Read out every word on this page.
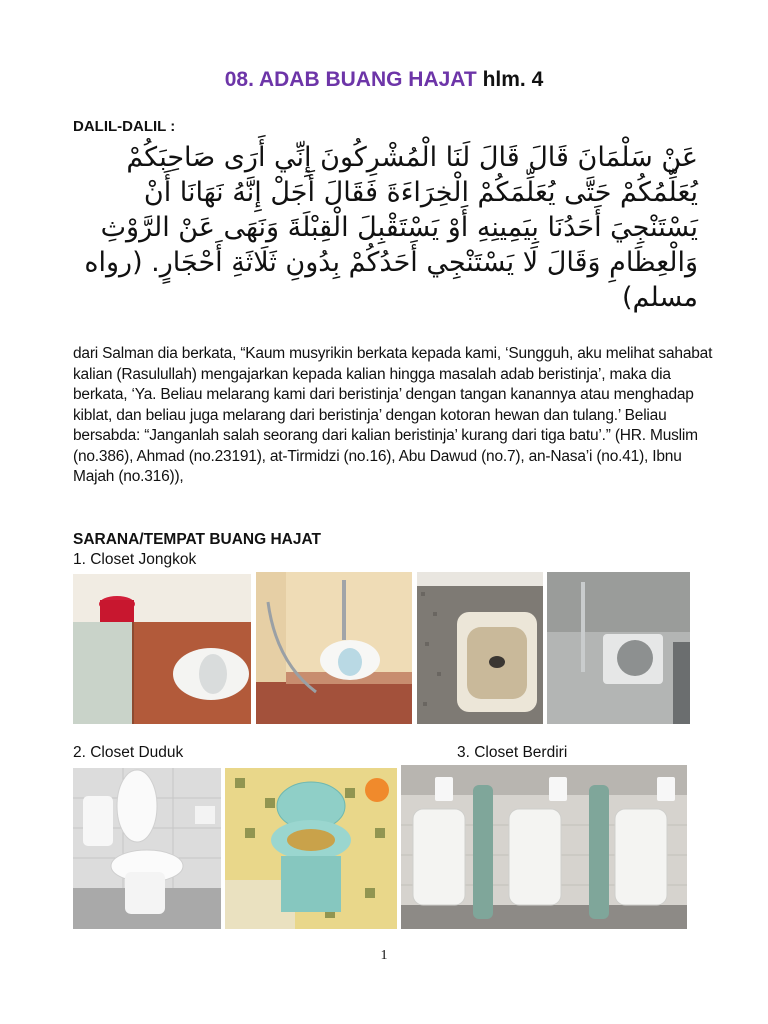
08. ADAB BUANG HAJAT hlm. 4
DALIL-DALIL :
عَنْ سَلْمَانَ قَالَ قَالَ لَنَا الْمُشْرِكُونَ إِنِّي أَرَى صَاحِبَكُمْ يُعَلِّمُكُمْ حَتَّى يُعَلِّمَكُمْ الْخِرَاءَةَ فَقَالَ أَجَلْ إِنَّهُ نَهَانَا أَنْ يَسْتَنْجِيَ أَحَدُنَا بِيَمِينِهِ أَوْ يَسْتَقْبِلَ الْقِبْلَةَ وَنَهَى عَنْ الرَّوْثِ وَالْعِظَامِ وَقَالَ لَا يَسْتَنْجِي أَحَدُكُمْ بِدُونِ ثَلَاثَةِ أَحْجَارٍ. (رواه مسلم)
dari Salman dia berkata, “Kaum musyrikin berkata kepada kami, ‘Sungguh, aku melihat sahabat kalian (Rasulullah) mengajarkan kepada kalian hingga masalah adab beristinja’, maka dia berkata, ‘Ya. Beliau melarang kami dari beristinja’ dengan tangan kanannya atau menghadap kiblat, dan beliau juga melarang dari beristinja’ dengan kotoran hewan dan tulang.’ Beliau bersabda: “Janganlah salah seorang dari kalian beristinja’ kurang dari tiga batu’.” (HR. Muslim (no.386), Ahmad (no.23191), at-Tirmidzi (no.16), Abu Dawud (no.7), an-Nasa’i (no.41), Ibnu Majah (no.316)),
SARANA/TEMPAT BUANG HAJAT
1. Closet Jongkok
2. Closet Duduk	3. Closet Berdiri
1
